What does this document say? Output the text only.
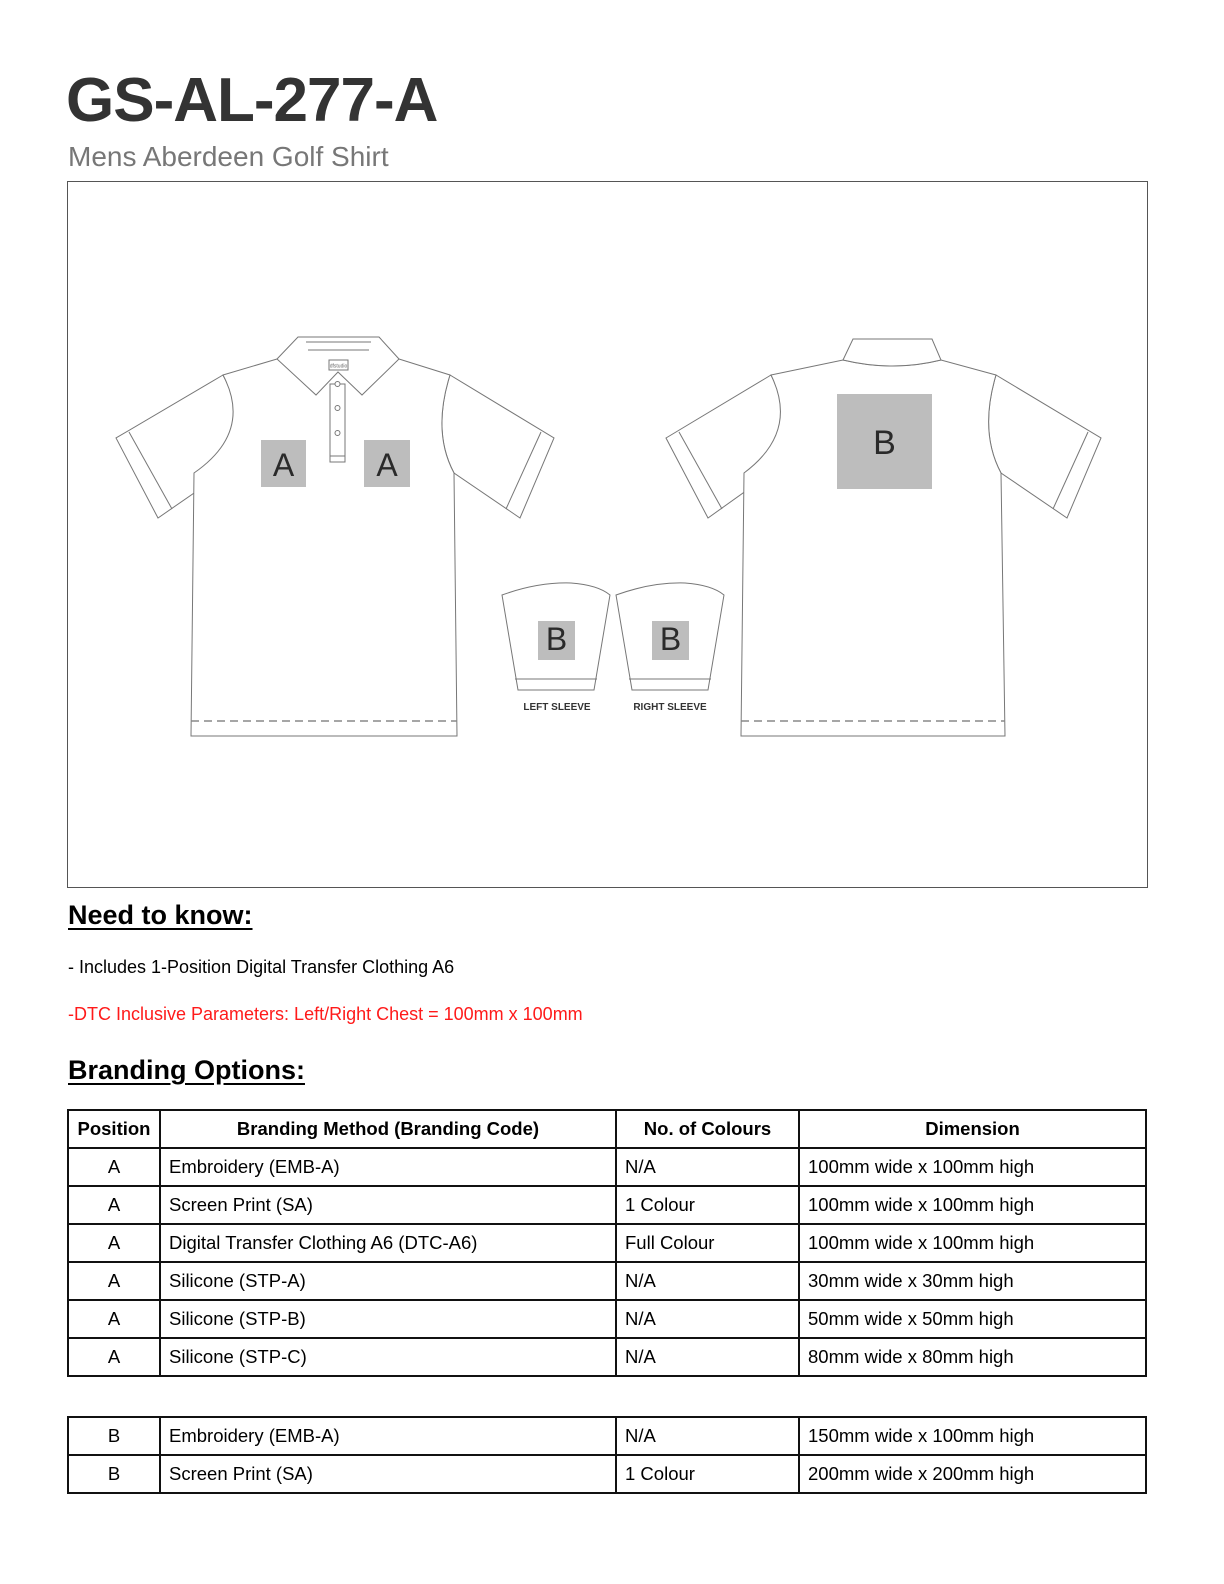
GS-AL-277-A
Mens Aberdeen Golf Shirt
dfstudio
A	A
B
B	B
LEFT SLEEVE	RIGHT SLEEVE
Need to know:
- Includes 1-Position Digital Transfer Clothing A6
-DTC Inclusive Parameters: Left/Right Chest = 100mm x 100mm
Branding Options:
Position	Branding Method (Branding Code)	No. of Colours	Dimension
A	Embroidery (EMB-A)	N/A	100mm wide x 100mm high
A	Screen Print (SA)	1 Colour	100mm wide x 100mm high
A	Digital Transfer Clothing A6 (DTC-A6)	Full Colour	100mm wide x 100mm high
A	Silicone (STP-A)	N/A	30mm wide x 30mm high
A	Silicone (STP-B)	N/A	50mm wide x 50mm high
A	Silicone (STP-C)	N/A	80mm wide x 80mm high
B	Embroidery (EMB-A)	N/A	150mm wide x 100mm high
B	Screen Print (SA)	1 Colour	200mm wide x 200mm high
